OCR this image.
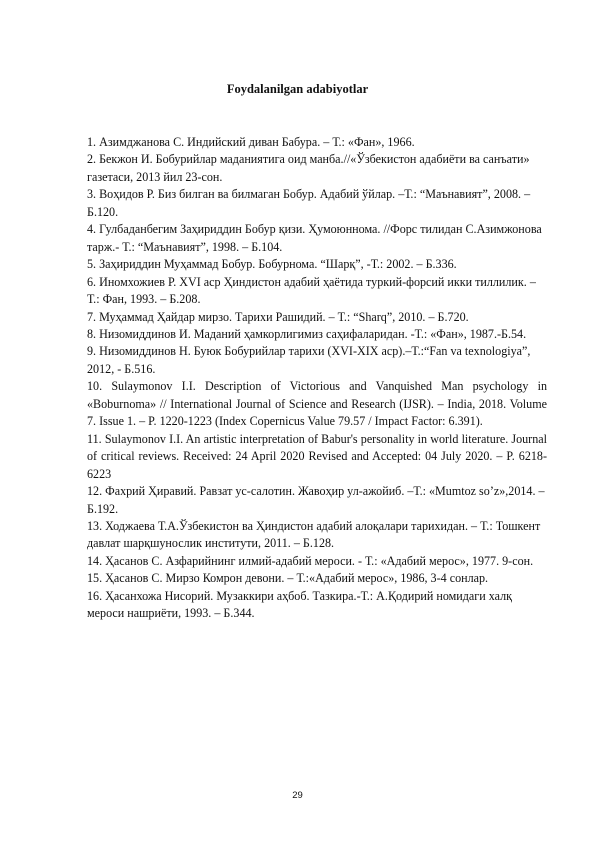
Foydalanilgan adabiyotlar

1. Азимджанова С. Индийский диван Бабура. – Т.: «Фан», 1966.

2. Бекжон И. Бобурийлар маданиятига оид манба.//«Ўзбекистон адабиёти ва санъати» газетаси, 2013 йил 23-сон.

3. Воҳидов Р. Биз билган ва билмаган Бобур. Адабий ўйлар. –Т.: “Маънавият”, 2008. – Б.120.

4. Гулбаданбегим Заҳириддин Бобур қизи. Ҳумоюннома. //Форс тилидан С.Азимжонова тарж.- Т.: “Маънавият”, 1998. – Б.104.

5. Заҳириддин Муҳаммад Бобур. Бобурнома. “Шарқ”, -Т.: 2002. – Б.336.

6. Иномхожиев Р. XVI аср Ҳиндистон адабий ҳаётида туркий-форсий икки тиллилик. –Т.: Фан, 1993. – Б.208.

7. Муҳаммад Ҳайдар мирзо. Тарихи Рашидий. – Т.: “Sharq”, 2010. – Б.720.

8. Низомиддинов И. Маданий ҳамкорлигимиз саҳифаларидан. -Т.: «Фан», 1987.-Б.54.

9. Низомиддинов Н. Буюк Бобурийлар тарихи (XVI-XIX аср).–Т.:“Fan va texnologiya”, 2012, - Б.516.

10. Sulaymonov I.I. Description of Victorious and Vanquished Man psychology in «Boburnoma» // International Journal of Science and Research (IJSR). – India, 2018. Volume 7. Issue 1. – P. 1220-1223 (Index Copernicus Value 79.57 / Impact Factor: 6.391).

11. Sulaymonov I.I. An artistic interpretation of Babur's personality in world literature. Journal of critical reviews. Received: 24 April 2020 Revised and Accepted: 04 July 2020. – P. 6218-6223

12. Фахрий Ҳиравий. Равзат ус-салотин. Жавоҳир ул-ажойиб. –Т.: «Mumtoz so’z»,2014. – Б.192.

13. Ходжаева Т.А.Ўзбекистон ва Ҳиндистон адабий алоқалари тарихидан. – Т.: Тошкент давлат шарқшунослик институти, 2011. – Б.128.

14. Ҳасанов С. Азфарийнинг илмий-адабий мероси. - Т.: «Адабий мерос», 1977. 9-сон.

15. Ҳасанов С. Мирзо Комрон девони. – Т.:«Адабий мерос», 1986, 3-4 сонлар.

16. Ҳасанхожа Нисорий. Музаккири аҳбоб. Тазкира.-Т.: А.Қодирий номидаги халқ мероси нашриёти, 1993. – Б.344.

29
